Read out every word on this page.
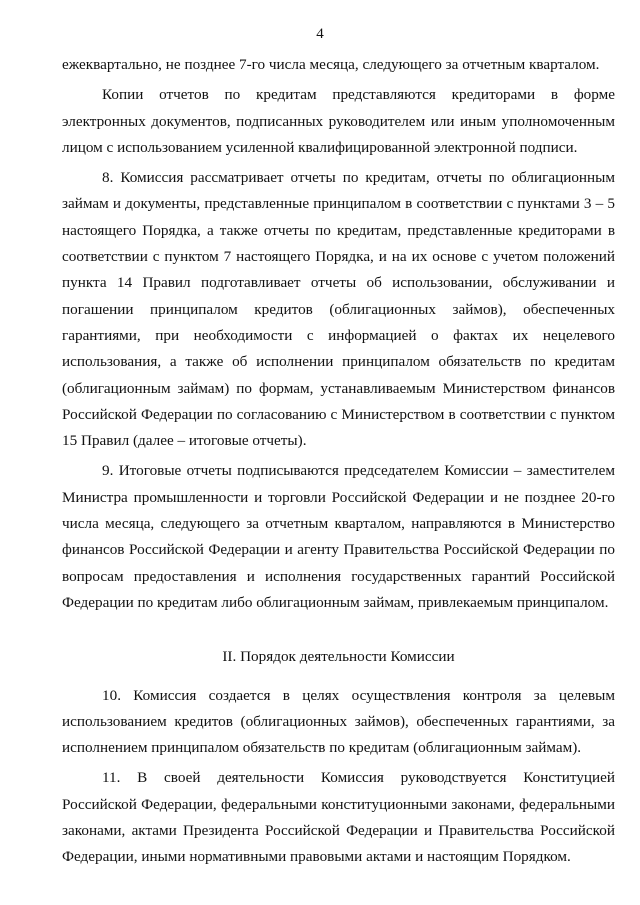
4

ежеквартально, не позднее 7-го числа месяца, следующего за отчетным кварталом.

Копии отчетов по кредитам представляются кредиторами в форме электронных документов, подписанных руководителем или иным уполномоченным лицом с использованием усиленной квалифицированной электронной подписи.

8. Комиссия рассматривает отчеты по кредитам, отчеты по облигационным займам и документы, представленные принципалом в соответствии с пунктами 3 – 5 настоящего Порядка, а также отчеты по кредитам, представленные кредиторами в соответствии с пунктом 7 настоящего Порядка, и на их основе с учетом положений пункта 14 Правил подготавливает отчеты об использовании, обслуживании и погашении принципалом кредитов (облигационных займов), обеспеченных гарантиями, при необходимости с информацией о фактах их нецелевого использования, а также об исполнении принципалом обязательств по кредитам (облигационным займам) по формам, устанавливаемым Министерством финансов Российской Федерации по согласованию с Министерством в соответствии с пунктом 15 Правил (далее – итоговые отчеты).

9. Итоговые отчеты подписываются председателем Комиссии – заместителем Министра промышленности и торговли Российской Федерации и не позднее 20-го числа месяца, следующего за отчетным кварталом, направляются в Министерство финансов Российской Федерации и агенту Правительства Российской Федерации по вопросам предоставления и исполнения государственных гарантий Российской Федерации по кредитам либо облигационным займам, привлекаемым принципалом.

II. Порядок деятельности Комиссии

10. Комиссия создается в целях осуществления контроля за целевым использованием кредитов (облигационных займов), обеспеченных гарантиями, за исполнением принципалом обязательств по кредитам (облигационным займам).

11. В своей деятельности Комиссия руководствуется Конституцией Российской Федерации, федеральными конституционными законами, федеральными законами, актами Президента Российской Федерации и Правительства Российской Федерации, иными нормативными правовыми актами и настоящим Порядком.
